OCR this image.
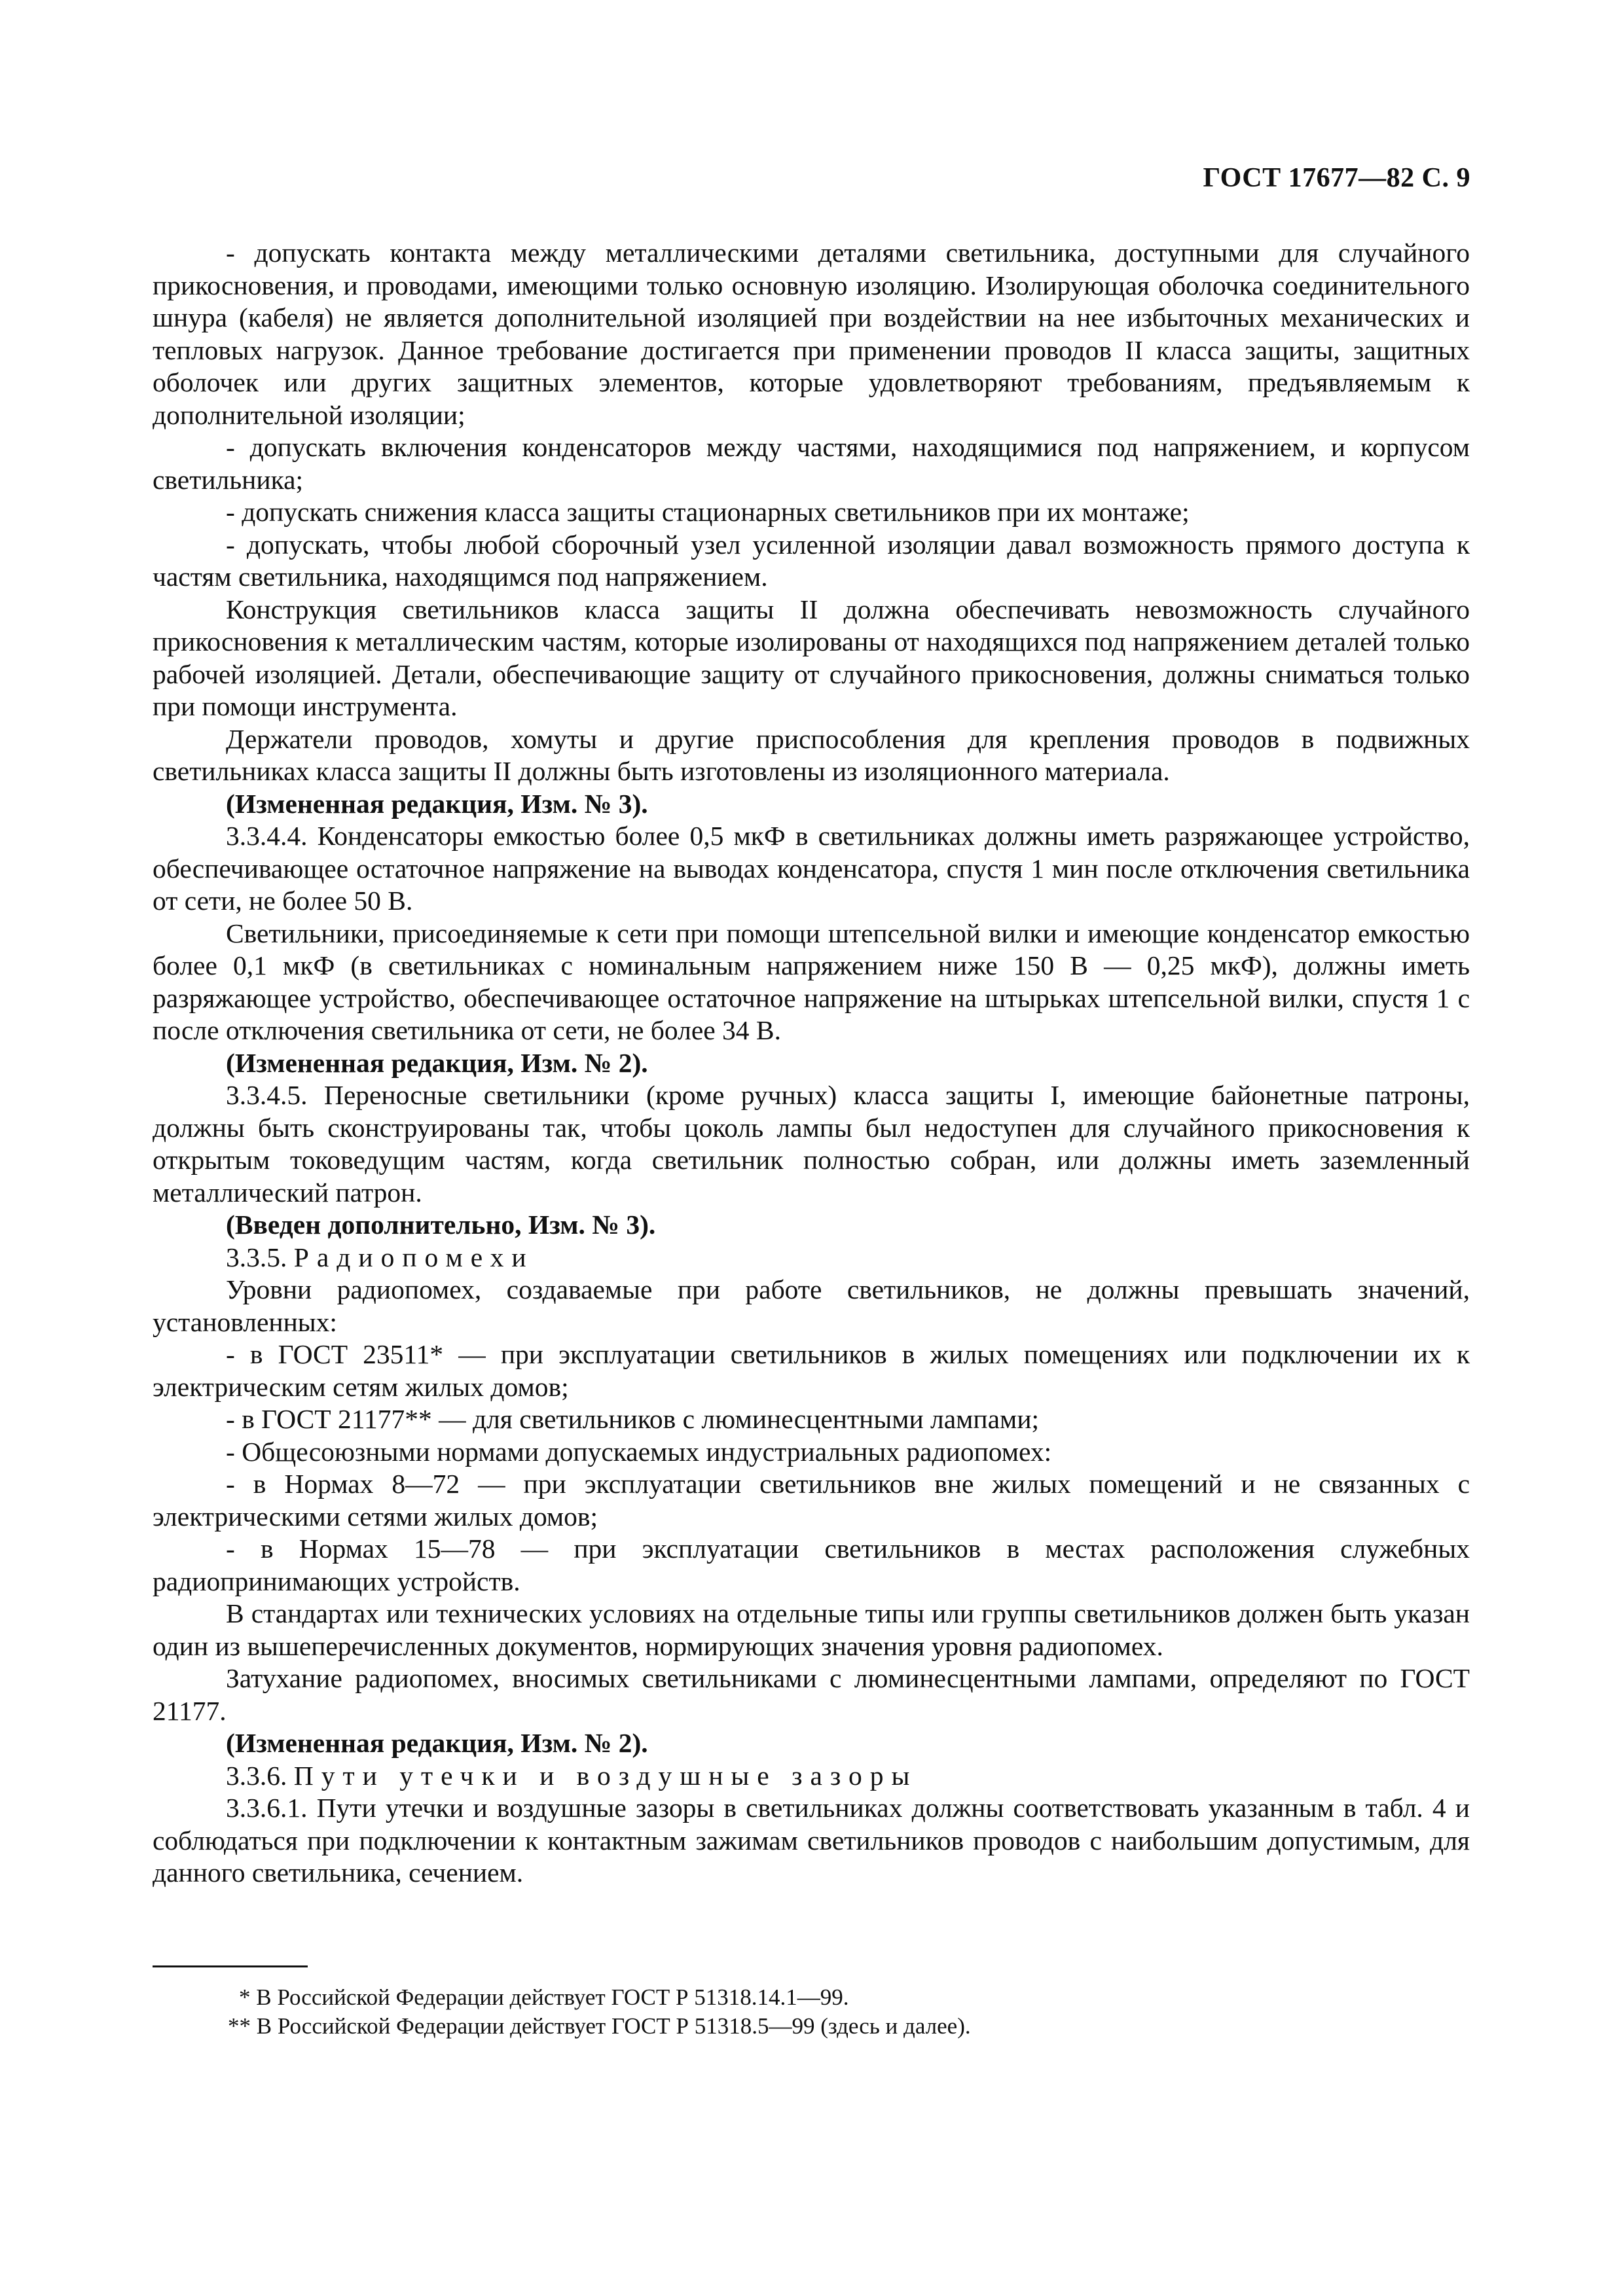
ГОСТ 17677—82 С. 9

- допускать контакта между металлическими деталями светильника, доступными для случайного прикосновения, и проводами, имеющими только основную изоляцию. Изолирующая оболочка соединительного шнура (кабеля) не является дополнительной изоляцией при воздействии на нее избыточных механических и тепловых нагрузок. Данное требование достигается при применении проводов II класса защиты, защитных оболочек или других защитных элементов, которые удовлетворяют требованиям, предъявляемым к дополнительной изоляции;

- допускать включения конденсаторов между частями, находящимися под напряжением, и корпусом светильника;

- допускать снижения класса защиты стационарных светильников при их монтаже;

- допускать, чтобы любой сборочный узел усиленной изоляции давал возможность прямого доступа к частям светильника, находящимся под напряжением.

Конструкция светильников класса защиты II должна обеспечивать невозможность случайного прикосновения к металлическим частям, которые изолированы от находящихся под напряжением деталей только рабочей изоляцией. Детали, обеспечивающие защиту от случайного прикосновения, должны сниматься только при помощи инструмента.

Держатели проводов, хомуты и другие приспособления для крепления проводов в подвижных светильниках класса защиты II должны быть изготовлены из изоляционного материала.

(Измененная редакция, Изм. № 3).

3.3.4.4. Конденсаторы емкостью более 0,5 мкФ в светильниках должны иметь разряжающее устройство, обеспечивающее остаточное напряжение на выводах конденсатора, спустя 1 мин после отключения светильника от сети, не более 50 В.

Светильники, присоединяемые к сети при помощи штепсельной вилки и имеющие конденсатор емкостью более 0,1 мкФ (в светильниках с номинальным напряжением ниже 150 В — 0,25 мкФ), должны иметь разряжающее устройство, обеспечивающее остаточное напряжение на штырьках штепсельной вилки, спустя 1 с после отключения светильника от сети, не более 34 В.

(Измененная редакция, Изм. № 2).

3.3.4.5. Переносные светильники (кроме ручных) класса защиты I, имеющие байонетные патроны, должны быть сконструированы так, чтобы цоколь лампы был недоступен для случайного прикосновения к открытым токоведущим частям, когда светильник полностью собран, или должны иметь заземленный металлический патрон.

(Введен дополнительно, Изм. № 3).

3.3.5. Радиопомехи

Уровни радиопомех, создаваемые при работе светильников, не должны превышать значений, установленных:

- в ГОСТ 23511* — при эксплуатации светильников в жилых помещениях или подключении их к электрическим сетям жилых домов;

- в ГОСТ 21177** — для светильников с люминесцентными лампами;

- Общесоюзными нормами допускаемых индустриальных радиопомех:

- в Нормах 8—72 — при эксплуатации светильников вне жилых помещений и не связанных с электрическими сетями жилых домов;

- в Нормах 15—78 — при эксплуатации светильников в местах расположения служебных радиопринимающих устройств.

В стандартах или технических условиях на отдельные типы или группы светильников должен быть указан один из вышеперечисленных документов, нормирующих значения уровня радиопомех.

Затухание радиопомех, вносимых светильниками с люминесцентными лампами, определяют по ГОСТ 21177.

(Измененная редакция, Изм. № 2).

3.3.6. Пути утечки и воздушные зазоры

3.3.6.1. Пути утечки и воздушные зазоры в светильниках должны соответствовать указанным в табл. 4 и соблюдаться при подключении к контактным зажимам светильников проводов с наибольшим допустимым, для данного светильника, сечением.

* В Российской Федерации действует ГОСТ Р 51318.14.1—99.

** В Российской Федерации действует ГОСТ Р 51318.5—99 (здесь и далее).
